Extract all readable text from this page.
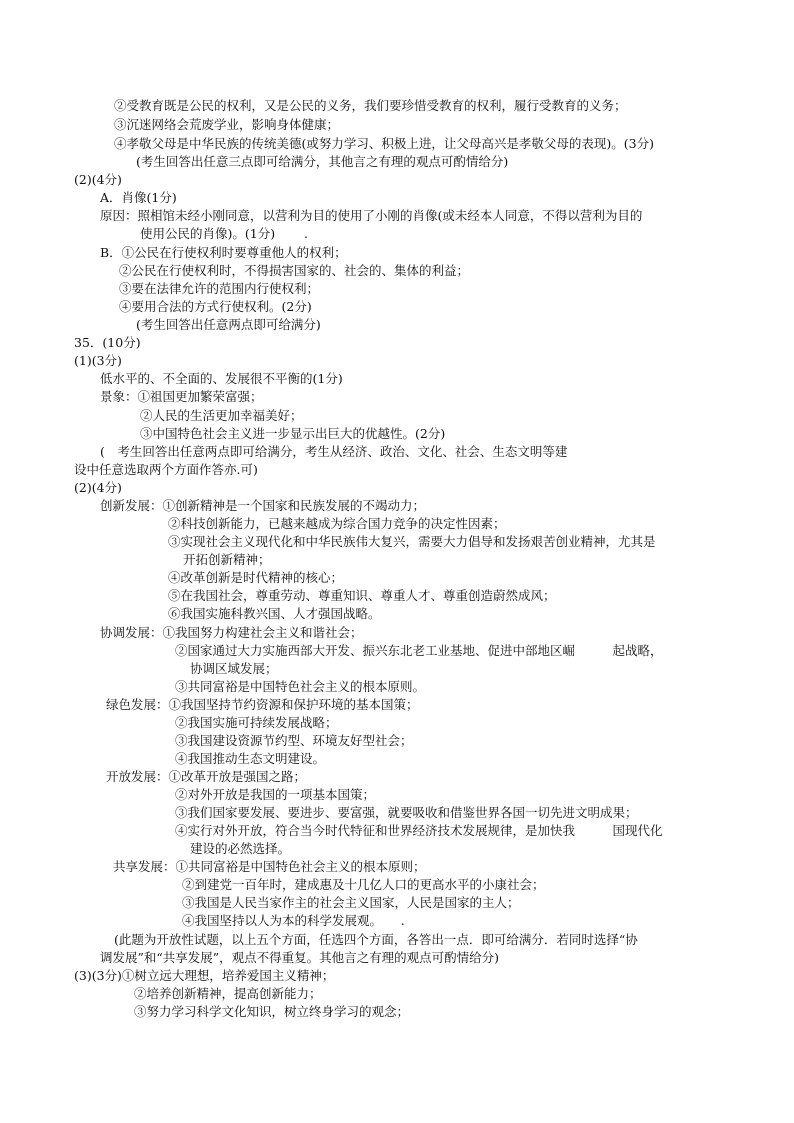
②受教育既是公民的权利，又是公民的义务，我们要珍惜受教育的权利，履行受教育的义务；
③沉迷网络会荒废学业，影响身体健康；
④孝敬父母是中华民族的传统美德(或努力学习、积极上进，让父母高兴是孝敬父母的表现)。(3分)
(考生回答出任意三点即可给满分，其他言之有理的观点可酌情给分)
(2)(4分)
A．肖像(1分)
原因：照相馆未经小刚同意，以营利为目的使用了小刚的肖像(或未经本人同意，不得以营利为目的
使用公民的肖像)。(1分)　　 .
B．①公民在行使权利时要尊重他人的权利；
②公民在行使权利时，不得损害国家的、社会的、集体的利益；
③要在法律允许的范围内行使权利；
④要用合法的方式行使权利。(2分)
(考生回答出任意两点即可给满分)
35．(10分)
(1)(3分)
低水平的、不全面的、发展很不平衡的(1分)
景象：①祖国更加繁荣富强；
②人民的生活更加幸福美好；
③中国特色社会主义进一步显示出巨大的优越性。(2分)
(　考生回答出任意两点即可给满分，考生从经济、政治、文化、社会、生态文明等建
设中任意选取两个方面作答亦.可)
(2)(4分)
创新发展：①创新精神是一个国家和民族发展的不竭动力；
②科技创新能力，已越来越成为综合国力竞争的决定性因素；
③实现社会主义现代化和中华民族伟大复兴，需要大力倡导和发扬艰苦创业精神，尤其是
开拓创新精神；
④改革创新是时代精神的核心；
⑤在我国社会，尊重劳动、尊重知识、尊重人才、尊重创造蔚然成风；
⑥我国实施科教兴国、人才强国战略。
协调发展：①我国努力构建社会主义和谐社会；
②国家通过大力实施西部大开发、振兴东北老工业基地、促进中部地区崛　　　起战略，
协调区域发展；
③共同富裕是中国特色社会主义的根本原则。
绿色发展：①我国坚持节约资源和保护环境的基本国策；
②我国实施可持续发展战略；
③我国建设资源节约型、环境友好型社会；
④我国推动生态文明建设。
开放发展：①改革开放是强国之路；
②对外开放是我国的一项基本国策；
③我们国家要发展、要进步、要富强，就要吸收和借鉴世界各国一切先进文明成果；
④实行对外开放，符合当今时代特征和世界经济技术发展规律，是加快我　　　国现代化
建设的必然选择。
共享发展：①共同富裕是中国特色社会主义的根本原则；
②到建党一百年时，建成惠及十几亿人口的更高水平的小康社会；
③我国是人民当家作主的社会主义国家，人民是国家的主人；
④我国坚持以人为本的科学发展观。　　.
(此题为开放性试题，以上五个方面，任选四个方面，各答出一点．即可给满分．若同时选择“协
调发展”和“共享发展”，观点不得重复。其他言之有理的观点可酌情给分)
(3)(3分)①树立远大理想，培养爱国主义精神；
②培养创新精神，提高创新能力；
③努力学习科学文化知识，树立终身学习的观念；
